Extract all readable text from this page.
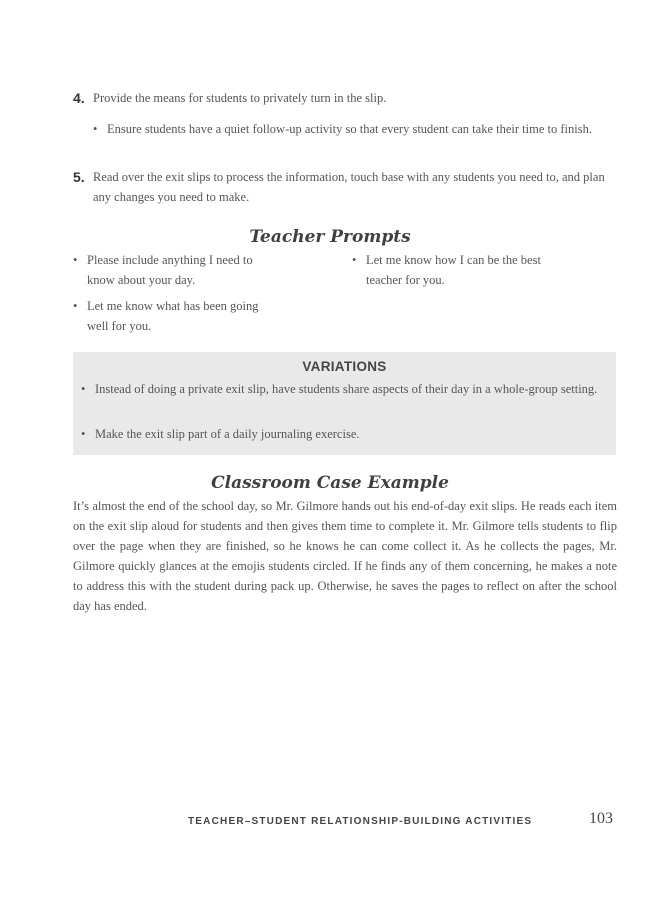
4. Provide the means for students to privately turn in the slip.
• Ensure students have a quiet follow-up activity so that every student can take their time to finish.
5. Read over the exit slips to process the information, touch base with any students you need to, and plan any changes you need to make.
Teacher Prompts
• Please include anything I need to know about your day.
• Let me know what has been going well for you.
• Let me know how I can be the best teacher for you.
VARIATIONS
• Instead of doing a private exit slip, have students share aspects of their day in a whole-group setting.
• Make the exit slip part of a daily journaling exercise.
Classroom Case Example
It’s almost the end of the school day, so Mr. Gilmore hands out his end-of-day exit slips. He reads each item on the exit slip aloud for students and then gives them time to complete it. Mr. Gilmore tells students to flip over the page when they are finished, so he knows he can come collect it. As he collects the pages, Mr. Gilmore quickly glances at the emojis students circled. If he finds any of them concerning, he makes a note to address this with the student during pack up. Otherwise, he saves the pages to reflect on after the school day has ended.
TEACHER–STUDENT RELATIONSHIP-BUILDING ACTIVITIES	103
